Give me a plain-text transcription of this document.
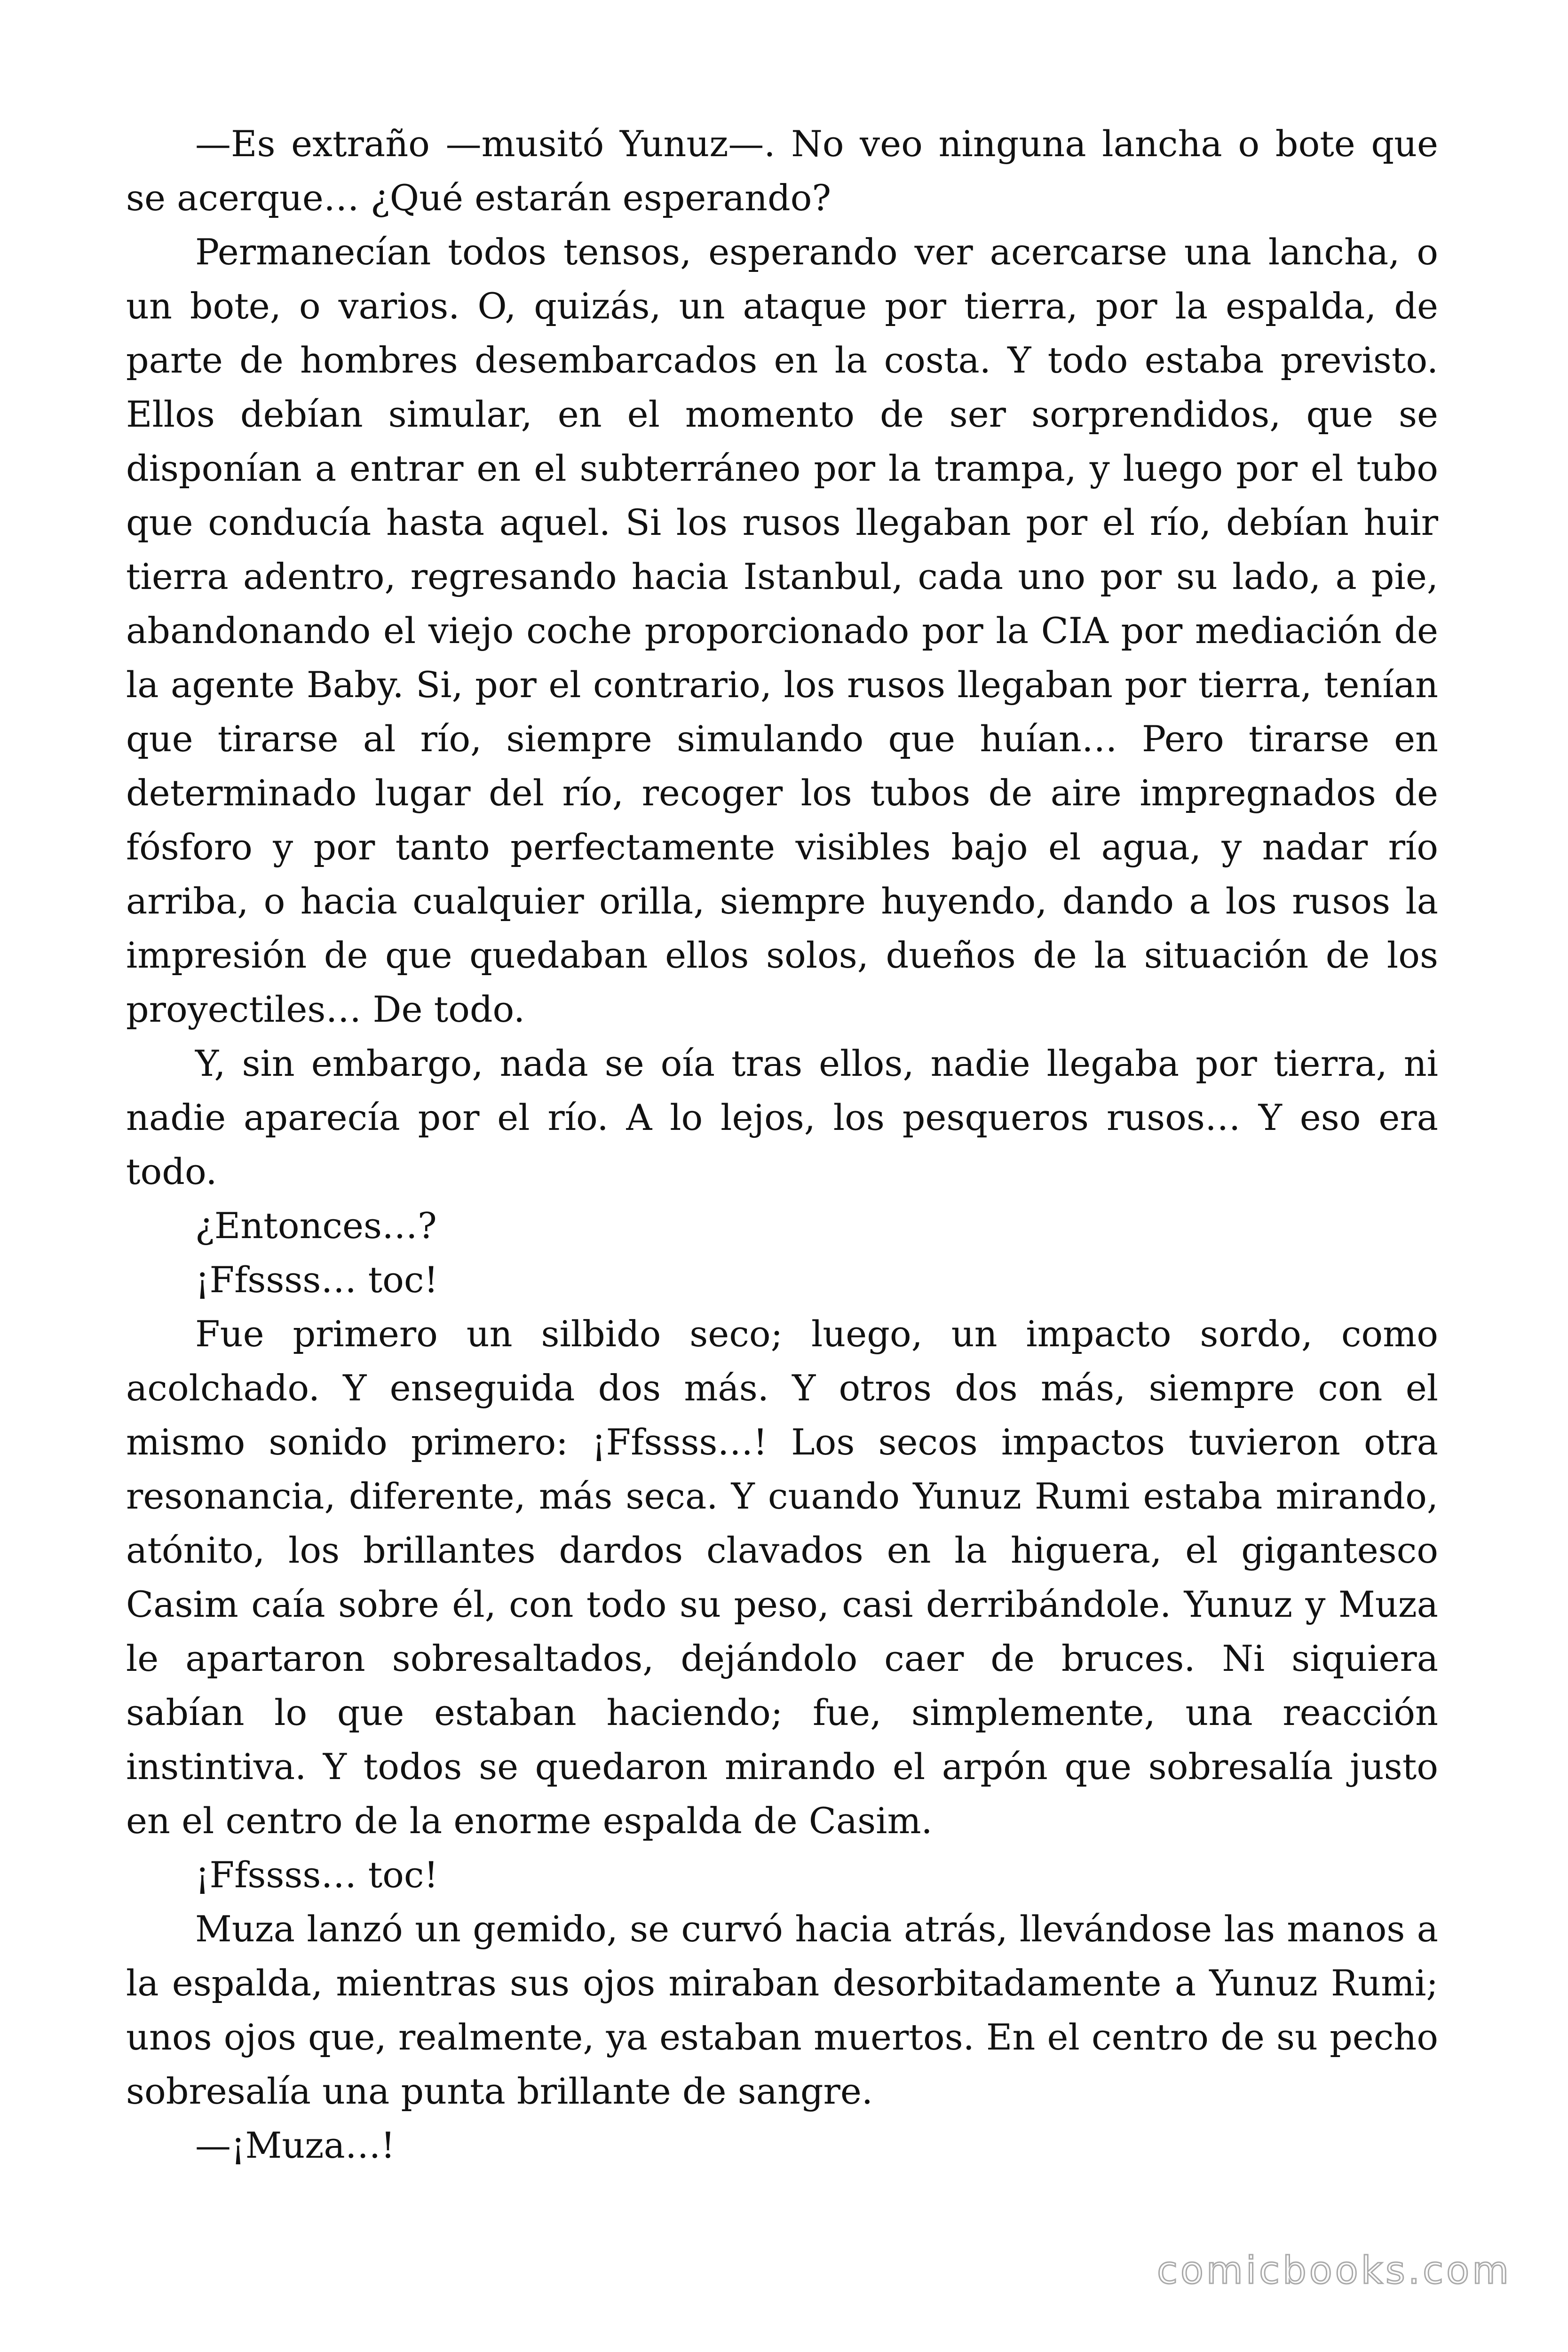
—Es extraño —musitó Yunuz—. No veo ninguna lancha o bote que se acerque… ¿Qué estarán esperando?

Permanecían todos tensos, esperando ver acercarse una lancha, o un bote, o varios. O, quizás, un ataque por tierra, por la espalda, de parte de hombres desembarcados en la costa. Y todo estaba previsto. Ellos debían simular, en el momento de ser sorprendidos, que se disponían a entrar en el subterráneo por la trampa, y luego por el tubo que conducía hasta aquel. Si los rusos llegaban por el río, debían huir tierra adentro, regresando hacia Istanbul, cada uno por su lado, a pie, abandonando el viejo coche proporcionado por la CIA por mediación de la agente Baby. Si, por el contrario, los rusos llegaban por tierra, tenían que tirarse al río, siempre simulando que huían… Pero tirarse en determinado lugar del río, recoger los tubos de aire impregnados de fósforo y por tanto perfectamente visibles bajo el agua, y nadar río arriba, o hacia cualquier orilla, siempre huyendo, dando a los rusos la impresión de que quedaban ellos solos, dueños de la situación de los proyectiles… De todo.

Y, sin embargo, nada se oía tras ellos, nadie llegaba por tierra, ni nadie aparecía por el río. A lo lejos, los pesqueros rusos… Y eso era todo.

¿Entonces…?

¡Ffssss… toc!

Fue primero un silbido seco; luego, un impacto sordo, como acolchado. Y enseguida dos más. Y otros dos más, siempre con el mismo sonido primero: ¡Ffssss…! Los secos impactos tuvieron otra resonancia, diferente, más seca. Y cuando Yunuz Rumi estaba mirando, atónito, los brillantes dardos clavados en la higuera, el gigantesco Casim caía sobre él, con todo su peso, casi derribándole. Yunuz y Muza le apartaron sobresaltados, dejándolo caer de bruces. Ni siquiera sabían lo que estaban haciendo; fue, simplemente, una reacción instintiva. Y todos se quedaron mirando el arpón que sobresalía justo en el centro de la enorme espalda de Casim.

¡Ffssss… toc!

Muza lanzó un gemido, se curvó hacia atrás, llevándose las manos a la espalda, mientras sus ojos miraban desorbitadamente a Yunuz Rumi; unos ojos que, realmente, ya estaban muertos. En el centro de su pecho sobresalía una punta brillante de sangre.

—¡Muza…!

comicbooks.com
